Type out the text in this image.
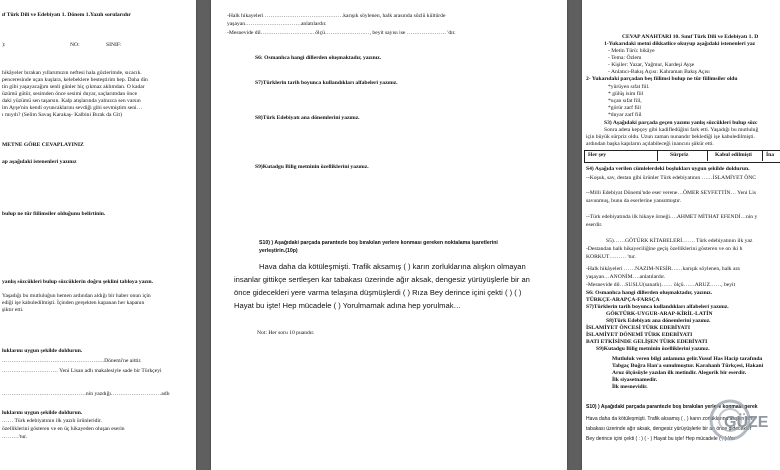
ıf Türk Dili ve Edebiyatı 1. Dönem 1.Yazılı sorularıdır
):	NO:	SINIF:
hikâyeler bırakan yıllarımızın neftesi hala gözlerimde, sıcacık.
penceresinde uçan kuşlara, kelebeklere besteştirim hep. Daha din
tin gibi yaşayacağım senli günler hiç çıkmaz aklımdan. O kadar
üzümü gütür, sesimden önce sesimi duyar, saçlarımdan önce
daki yüzümü sen taşarsın. Kalp atışlarında yalnızca sen varsın
im Ayşe'nin kendi oyuncaklarını sevdiği gibi sevmiştim seni…
ı mıydı? (Selim Savaş Karakaş- Kalbini Bırak da Git)
METNE GÖRE CEVAPLAYINIZ
ap aşağıdaki istenenleri yazınız
bulup ne tür fiilimsiler olduğunu belirtinin.
yanlış sözcükleri bulup sözcüklerin doğru şeklini tabloya yazın.
Yaşadığı bu mutluluğun hemen ardından aldığı bir haber onun için
ediği işe kabuledilmişti. İçinden gerşekten kapanan her kapanın
şiktır etti.
luklarını uygun şekilde doldurun.
……………………………………………….Dönemi'ne aittir.
………………………… Yeni Lisan adlı makalesiyle sade bir Türkçeyi
………………………………………nin yazdığı………………………adlı
luklarını uygun şekilde doldurun.
…… Türk edebiyatının ilk yazılı ürünleridir.
özelliklerini gösteren ve en üç hikayeden oluşan eserin
………'tur.
-Halk hikayeleri ……………………………………karışık söylenen, halk arasında sözlü kültürde
yaşayan…………………………anlatılardır.
-Mesnevide dil……………………….. ölçü……………………, beyit sayısı ise ………………… 'dır.
S6: Osmanlıca hangi dillerden oluşmaktadır, yazınız.
S7)Türklerin tarih boyunca kullandıkları alfabeleri yazınız.
S8)Türk Edebiyatı ana dönemlerini yazınız.
S9)Kutadgu Bilig metninin özelliklerini yazınız.
S10) ) Aşağıdaki parçada parantezle boş bırakılan yerlere konması gereken noktalama işaretlerini
yerleştirin.(10p)
Hava daha da kötüleşmişti. Trafik aksamış ( ) karın zorluklarına alışkın olmayan
insanlar gittikçe sertleşen kar tabakası üzerinde ağır aksak, dengesiz yürüyüşlerle bir an
önce gidecekleri yere varma telaşına düşmüşlerdi ( ) Rıza Bey derince içini çekti ( ) ( )
Hayat bu işte! Hep mücadele ( ) Yorulmamak adına hep yorulmak…
Not: Her soru 10 puandır.
CEVAP ANAHTARI 10. Sınıf Türk Dili ve Edebiyatı 1. D
1-Yukarıdaki metni dikkatlice okuyup aşağıdaki istenenleri yaz
- Metin Türü: hikâye
- Tema: Özlem
- Kişiler: Yazar, Yağmur, Kardeşi Ayşe
- Anlatıcı-Bakış Açısı: Kahraman Bakış Açısı
2- Yukarıdaki parçadan beş fiilimsi bulup ne tür fiilimsiler oldu
*yürüyen sıfat fiil.
* gülüş isim fiil
*uçan sıfat fiil,
*görür zarf fiil
*duyar zarf fiil
S3) Aşağıdaki parçada geçen yazımı yanlış sözcükleri bulup sözc
Sonra adeta kepçey gibi kadifledüğini fark etti. Yaşadığı bu mutluluğ
için büyük sürpriz oldu. Uzun zaman nunandır beklediği işe kabuledilmişti.
ardından başka kapıların açılabileceği inancını şükür etti.
Her şey	Sürpriz	Kabul edilmişti	İna
S4) Aşağıda verilen cümlelerdeki boşlukları uygun şekilde doldurun.
--Koşuk, sav, destan gibi ürünler Türk edebiyatının ……İSLAMİYET ÖNC
--Milli Edebiyat Dönemi'nde eser verene…ÖMER SEYFETTİN… Yeni Lis
savunmuş, bunu da eserlerine yansıtmıştır.
--Türk edebiyatında ilk hikaye örneği….AHMET MİTHAT EFENDİ…nin y
eserdir.
S5)……GÖTÜRK KİTABELERİ……. Türk edebiyatının ilk yaz
-Destandan halk hikayeciliğine geçiş özelliklerini gösteren ve on iki h
KORKUT……… 'tur.
-Halk hikâyeleri ……NAZIM-NESİR……karışık söylenen, halk ara
yaşayan…ANONİM….anlatılardır.
-Mesnevide dil…SUSLU(sanatlı)…… ölçü……ARUZ……, beyit
S6: Osmanlıca hangi dillerden oluşmaktadır, yazınız.
TÜRKÇE-ARAPÇA-FARSÇA
S7)Türklerin tarih boyunca kullandıkları alfabeleri yazınız.
GÖKTÜRK-UYGUR-ARAP-KİRİL-LATİN
S8)Türk Edebiyatı ana dönemlerini yazınız.
İSLAMİYET ÖNCESİ TÜRK EDEBİYATI
İSLAMİYET DÖNEMİ TÜRK EDEBİYATI
BATI ETKİSİNDE GELİŞEN TÜRK EDEBİYATI
S9)Kutadgu Bilig metninin özelliklerini yazınız.
Mutluluk veren bilgi anlamına gelir.Yusuf Has Hacip tarafında
Tabgaç Buğra Han'a sunulmuştur. Karahanlı Türkçesi, Hakani
Aruz ölçüsüyle yazılan ilk metindir. Alegorik bir eserdir.
İlk siyasetnamedir.
İlk mesnevidir.
S10) ) Aşağıdaki parçada parantezle boş bırakılan yerlere konması gerek
Hava daha da kötüleşmişti. Trafik aksamış ( , ) karın zorluklarına alışkın olm
tabakası üzerinde ağır aksak, dengesiz yürüyüşlerle bir an önce gidecekler
Bey derince içini çekti ( : ) ( - ) Hayat bu işte! Hep mücadele ( , ) Yor
GÜZE
